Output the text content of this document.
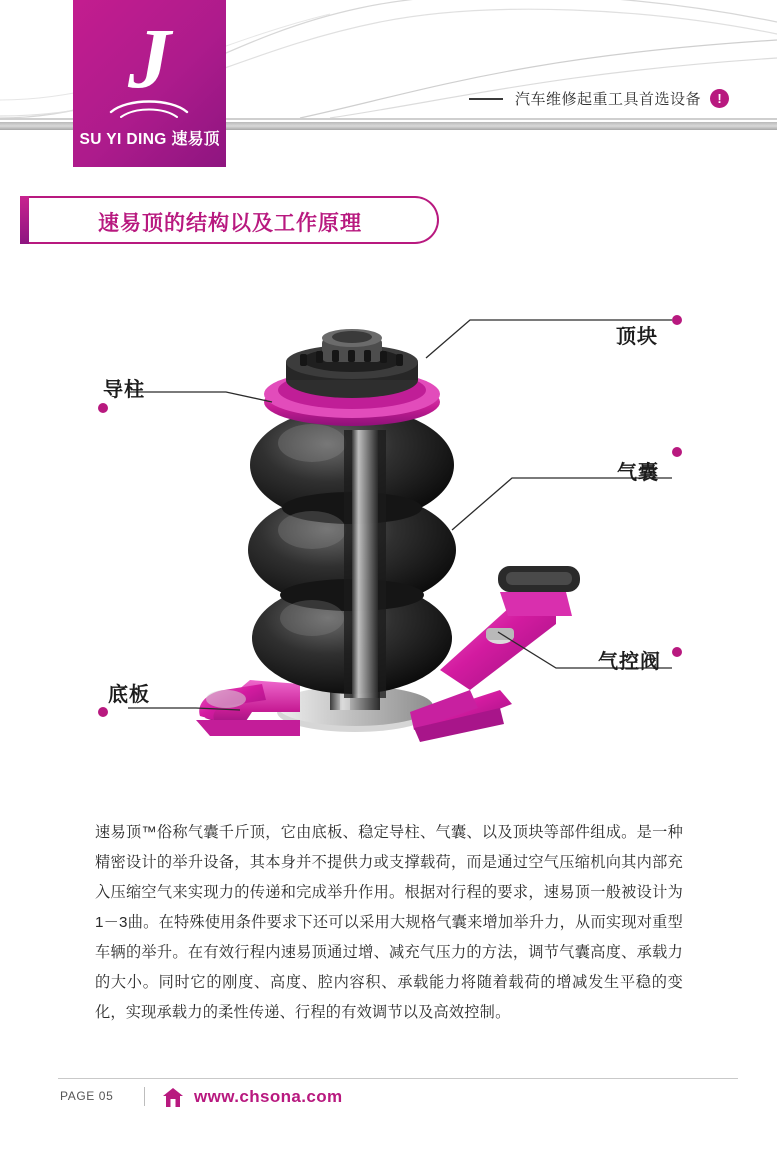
J
SU YI DING 速易顶
汽车维修起重工具首选设备	!
速易顶的结构以及工作原理
顶块
导柱
气囊
气控阀
底板

速易顶™俗称气囊千斤顶，它由底板、稳定导柱、气囊、以及顶块等部件组成。是一种精密设计的举升设备，其本身并不提供力或支撑载荷，而是通过空气压缩机向其内部充入压缩空气来实现力的传递和完成举升作用。根据对行程的要求，速易顶一般被设计为1－3曲。在特殊使用条件要求下还可以采用大规格气囊来增加举升力，从而实现对重型车辆的举升。在有效行程内速易顶通过增、减充气压力的方法，调节气囊高度、承载力的大小。同时它的刚度、高度、腔内容积、承载能力将随着载荷的增减发生平稳的变化，实现承载力的柔性传递、行程的有效调节以及高效控制。

PAGE 05	www.chsona.com
